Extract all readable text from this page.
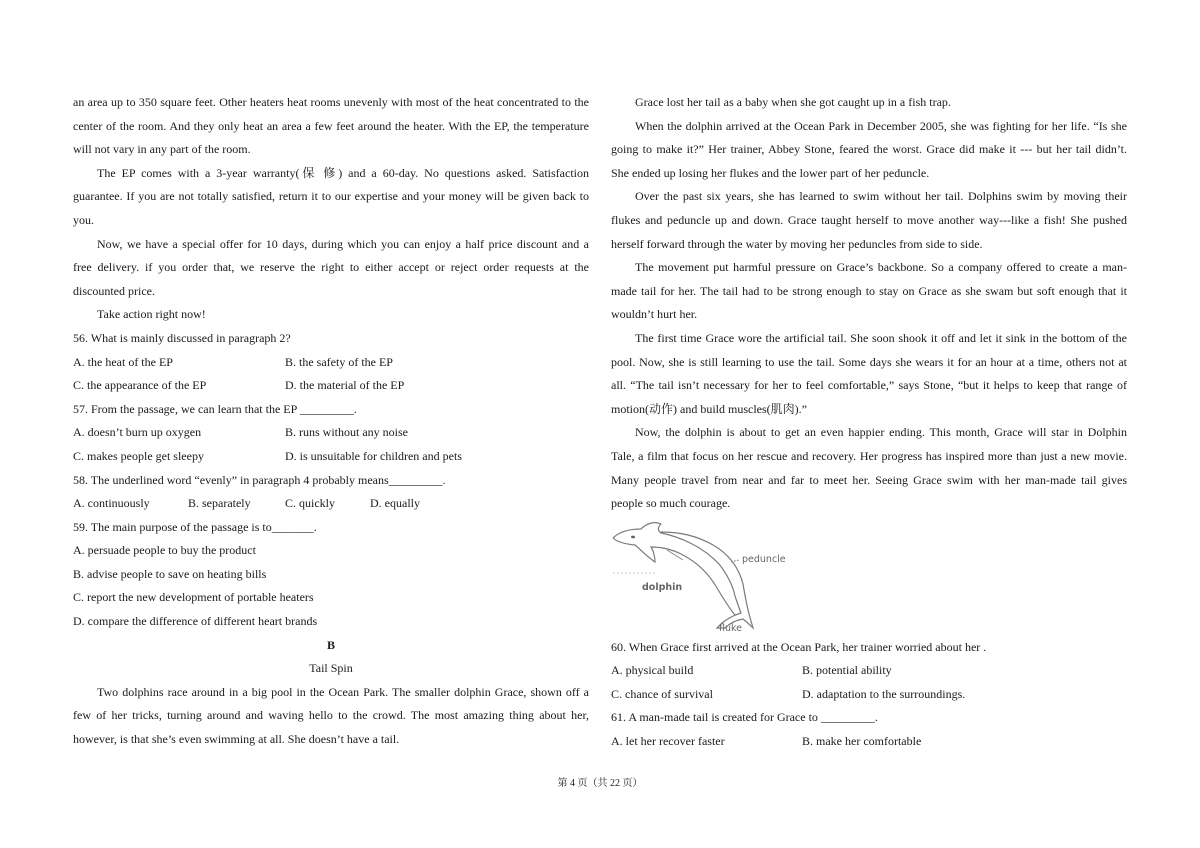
an area up to 350 square feet. Other heaters heat rooms unevenly with most of the heat concentrated to the
center of the room. And they only heat an area a few feet around the heater. With the EP, the temperature
will not vary in any part of the room.
The EP comes with a 3-year warranty(保 修) and a 60-day. No questions asked. Satisfaction
guarantee. If you are not totally satisfied, return it to our expertise and your money will be given back to
you.
Now, we have a special offer for 10 days, during which you can enjoy a half price discount and a
free delivery. if you order that, we reserve the right to either accept or reject order requests at the
discounted price.
Take action right now!
56. What is mainly discussed in paragraph 2?
A. the heat of the EP	B. the safety of the EP
C. the appearance of the EP	D. the material of the EP
57. From the passage, we can learn that the EP _________.
A. doesn’t burn up oxygen	B. runs without any noise
C. makes people get sleepy	D. is unsuitable for children and pets
58. The underlined word “evenly” in paragraph 4 probably means_________.
A. continuously	B. separately	C. quickly	D. equally
59. The main purpose of the passage is to_______.
A. persuade people to buy the product
B. advise people to save on heating bills
C. report the new development of portable heaters
D. compare the difference of different heart brands
B
Tail Spin
Two dolphins race around in a big pool in the Ocean Park. The smaller dolphin Grace, shown off a
few of her tricks, turning around and waving hello to the crowd. The most amazing thing about her,
however, is that she’s even swimming at all. She doesn’t have a tail.
Grace lost her tail as a baby when she got caught up in a fish trap.
When the dolphin arrived at the Ocean Park in December 2005, she was fighting for her life. “Is she
going to make it?” Her trainer, Abbey Stone, feared the worst. Grace did make it --- but her tail didn’t.
She ended up losing her flukes and the lower part of her peduncle.
Over the past six years, she has learned to swim without her tail. Dolphins swim by moving their
flukes and peduncle up and down. Grace taught herself to move another way---like a fish! She pushed
herself forward through the water by moving her peduncles from side to side.
The movement put harmful pressure on Grace’s backbone. So a company offered to create a man-
made tail for her. The tail had to be strong enough to stay on Grace as she swam but soft enough that it
wouldn’t hurt her.
The first time Grace wore the artificial tail. She soon shook it off and let it sink in the bottom of the
pool. Now, she is still learning to use the tail. Some days she wears it for an hour at a time, others not at
all. “The tail isn’t necessary for her to feel comfortable,” says Stone, “but it helps to keep that range of
motion(动作) and build muscles(肌肉).”
Now, the dolphin is about to get an even happier ending. This month, Grace will star in Dolphin
Tale, a film that focus on her rescue and recovery. Her progress has inspired more than just a new movie.
Many people travel from near and far to meet her. Seeing Grace swim with her man-made tail gives
people so much courage.
peduncle
dolphin
fluke
60. When Grace first arrived at the Ocean Park, her trainer worried about her .
A. physical build	B. potential ability
C. chance of survival	D. adaptation to the surroundings.
61. A man-made tail is created for Grace to _________.
A. let her recover faster	B. make her comfortable
第 4 页（共 22 页）
